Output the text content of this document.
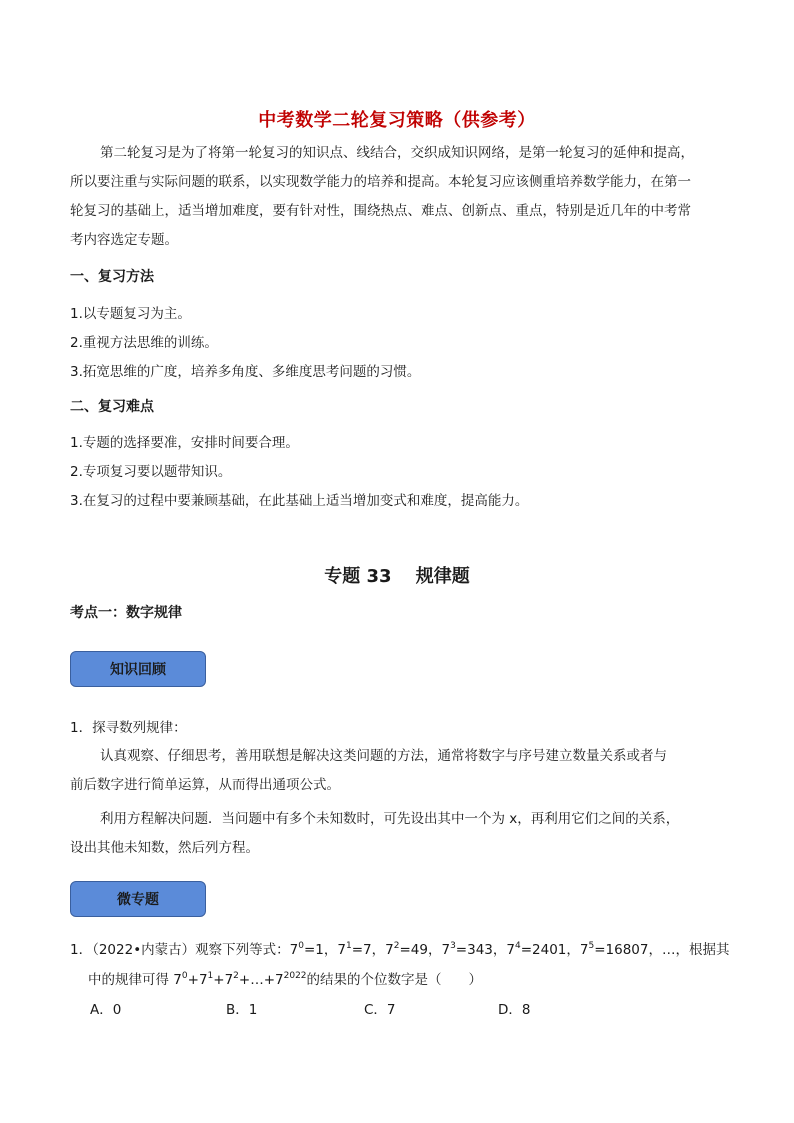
中考数学二轮复习策略（供参考）
第二轮复习是为了将第一轮复习的知识点、线结合，交织成知识网络，是第一轮复习的延伸和提高，
所以要注重与实际问题的联系，以实现数学能力的培养和提高。本轮复习应该侧重培养数学能力，在第一
轮复习的基础上，适当增加难度，要有针对性，围绕热点、难点、创新点、重点，特别是近几年的中考常
考内容选定专题。
一、复习方法
1.以专题复习为主。
2.重视方法思维的训练。
3.拓宽思维的广度，培养多角度、多维度思考问题的习惯。
二、复习难点
1.专题的选择要准，安排时间要合理。
2.专项复习要以题带知识。
3.在复习的过程中要兼顾基础，在此基础上适当增加变式和难度，提高能力。
专题 33　 规律题
考点一：数字规律
知识回顾
1．探寻数列规律：
认真观察、仔细思考，善用联想是解决这类问题的方法，通常将数字与序号建立数量关系或者与
前后数字进行简单运算，从而得出通项公式。
利用方程解决问题．当问题中有多个未知数时，可先设出其中一个为 x，再利用它们之间的关系，
设出其他未知数，然后列方程。
微专题
1．（2022•内蒙古）观察下列等式：$7^0=1$，$7^1=7$，$7^2=49$，$7^3=343$，$7^4=2401$，$7^5=16807$，…，根据其
中的规律可得 $7^0+7^1+7^2+\dots+7^{2022}$的结果的个位数字是（　　）
A．0	B．1	C．7	D．8
